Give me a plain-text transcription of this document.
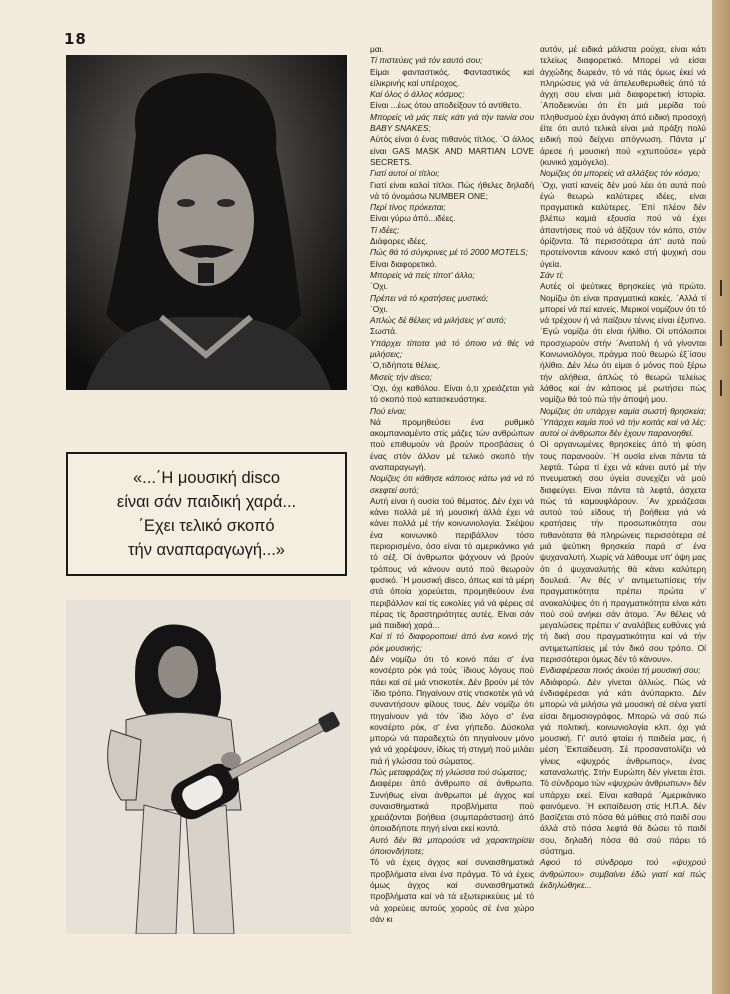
18
«...΄Η μουσική disco
είναι σάν παιδική χαρά...
΄Εχει τελικό σκοπό
τήν αναπαραγωγή...»

μαι.

Τί πιστεύεις γιά τόν εαυτό σου;

Είμαι φανταστικός. Φανταστικός καί είλικρινής καί υπέροχος.

Καί όλος ό άλλος κόσμος;

Είναι ...έως ότου αποδείξουν τό αντίθετο.

Μπορείς νά μάς πείς κάτι γιά τήν ταινία σου BABY SNAKES;

Αύτός είναι ό ένας πιθανός τίτλος. ΄Ο άλλος είναι GAS MASK AND MARTIAN LOVE SECRETS.

Γιατί αυτοί οί τίτλοι;

Γιατί είναι καλοί τίτλοι. Πώς ήθελες δηλαδή νά τό όνομάσω NUMBER ONE;

Περί τίνος πρόκειται;

Είναι γύρω άπό...ιδέες.

Τί ιδέες;

Διάφορες ιδέες.

Πώς θά τό σύγκρινες μέ τό 2000 MOTELS;

Είναι διαφορετικό.

Μπορείς νά πείς τίποτ' άλλο;

΄Οχι.

Πρέπει νά τό κρατήσεις μυστικό;

΄Οχι.

Απλώς δέ θέλεις νά μιλήσεις γι' αυτό;

Σωστά.

Υπάρχει τίποτα γιά τό όποιο νά θές νά μιλήσεις;

΄Ο,τιδήποτε θέλεις.

Μισείς τήν disco;

΄Οχι, όχι καθόλου. Είναι ό,τι χρειάζεται γιά τό σκοπό πού κατασκευάστηκε.

Πού είναι;

Νά προμηθεύσει ένα ρυθμικό ακομπανιαμέντο στίς μάζες τών ανθρώπων πού επιθυμούν νά βρούν προσβάσεις ό ένας στόν άλλον μέ τελικό σκοπό τήν αναπαραγωγή.

Νομίζεις ότι κάθησε κάποιος κάτω γιά νά τό σκεφτεί αυτό;

Αυτή είναι ή ουσία τού θέματος. Δέν έχει νά κάνει πολλά μέ τή μουσική άλλά έχει νά κάνει πολλά μέ τήν κοινωνιολογία. Σκέψου ένα κοινωνικό περιβάλλον τόσο περιορισμένο, όσο είναι τό αμερικάνικο γιά τό σέξ. Οί άνθρωποι ψάχνουν νά βρούν τρόπους νά κάνουν αυτό πού θεωρούν φυσικό. ΄Η μουσική disco, όπως καί τά μέρη στά όποία χορεύεται, προμηθεύουν ένα περιβάλλον καί τίς ευκολίες γιά νά φέρεις σέ πέρας τίς δραστηριότητες αυτές. Είναι σάν μιά παιδική χαρά...

Καί τί τό διαφοροποιεί άπό ένα κοινό τής ρόκ μουσικής;

Δέν νομίζω ότι τό κοινό πάει σ' ένα κονσέρτο ρόκ γιά τούς ΄ίδιους λόγους πού πάει καί σέ μιά ντισκοτέκ. Δέν βρούν μέ τόν ΄ίδιο τρόπο. Πηγαίνουν στίς ντισκοτέκ γιά νά συναντήσουν φίλους τους. Δέν νομίζω ότι πηγαίνουν γιά τόν ΄ίδιο λόγο σ' ένα κονσέρτο ρόκ, σ' ένα γήπεδο. Δύσκολα μπορώ νά παραδεχτώ ότι πηγαίνουν μόνο γιά νά χορέψουν, ίδίως τή στιγμή πού μιλάει πιά ή γλώσσα τού σώματος.

Πώς μεταφράζεις τή γλώσσα τού σώματος;

Διαφέρει άπό άνθρωπο σέ άνθρωπο. Συνήθως είναι άνθρωποι μέ άγχος καί συναισθηματικά προβλήματα πού χρειάζονται βοήθεια (συμπαράσταση) άπό όποιαδήποτε πηγή είναι εκεί κοντά.

Αυτό δέν θά μπορούσε νά χαρακτηρίσει όποιονδήποτε;

Τό νά έχεις άγχος καί συναισθηματικά προβλήματα είναι ένα πράγμα. Τό νά έχεις όμως άγχος καί συναισθηματικά προβλήματα καί νά τά εξωτερικεύεις μέ τό νά χορεύεις αυτούς χορούς σέ ένα χώρο σάν κι

αυτόν, μέ ειδικά μάλιστα ρούχα, είναι κάτι τελείως διαφορετικό. Μπορεί νά είσαι άγχώδης δωρεάν, τό νά πάς όμως έκεί νά πληρώσεις γιά νά άπελευθερωθείς άπό τά άγχη σου είναι μιά διαφορετική ίστορία. ΄Αποδεικνύει ότι έτι μιά μερίδα τού πληθυσμού έχει άνάγκη άπό ειδική προσοχή έίτε ότι αυτό τελικά είναι μιά πράξη πολύ ειδική πού δείχνει απόγνωση. Πάντα μ' άρεσε ή μουσική πού «χτυπούσε» γερά (κυνικό χαμόγελο).

Νομίζεις ότι μπορείς νά αλλάξεις τόν κόσμο;

΄Οχι, γιατί κανείς δέν μού λέει ότι αυτά πού έγώ θεωρώ καλύτερες ιδέες, είναι πραγματικά καλύτερες. ΄Επί πλέον δέν βλέπω καμιά εξουσία πού νά έχει άπαντήσεις πού νά άξίζουν τόν κόπο, στόν όρίζοντα. Τά περισσότερα άπ' αυτά πού προτείνονται κάνουν κακό στή ψυχική σου ύγεία.

Σάν τί;

Αυτές οί ψεύτικες θρησκείες γιά πρώτο. Νομίζω ότι είναι πραγματικά κακές. ΄Αλλά τί μπορεί νά πεί κανείς. Μερικοί νομίζουν ότι τό νά τρέχουν ή νά παίζουν τέννις είναι έξυπνο. ΄Εγώ νομίζω ότι είναι ήλίθιο. Οί υπόλοιποι προσχωρούν στήν ΄Ανατολή ή νά γίνονται Κοινωνιολόγοι, πράγμα πού θεωρώ έξ΄ίσου ήλίθιο. Δέν λέω ότι είμαι ό μόνος πού ξέρω τήν αλήθεια, άπλώς τό θεωρώ τελείως λάθος καί άν κάποιος μέ ρωτήσει πώς νομίζω θά τού πώ τήν άποψή μου.

Νομίζεις ότι υπάρχει καμία σωστή θρησκεία; ΄Υπάρχει καμία πού νά τήν κοιτάς καί νά λές: αυτοί οί άνθρωποι δέν έχουν παρανοηθεί.

Οί οργανωμένες θρησκείες άπό τή φύση τους παρανοούν. ΄Η ουσία είναι πάντα τά λεφτά. Τώρα τί έχει νά κάνει αυτό μέ τήν πνευματική σου ύγεία συνεχίζει νά μού διαφεύγει. Είναι πάντα τά λεφτά, άσχετα πώς τά καμουφλάρουν. ΄Αν χρειάζεσαι αυτού τού είδους τή βοήθεια γιά νά κρατήσεις τήν προσωπικότητα σου πιθανότατα θά πληρώνεις περισσότερα σέ μιά ψεύτικη θρησκεία παρά σ' ένα ψυχαναλυτή. Χωρίς νά λάθουμε υπ' όψη μας ότι ό ψυχαναλυτής θά κάνει καλύτερη δουλειά. ΄Αν θές ν' αντιμετωπίσεις τήν πραγματικότητα πρέπει πρώτα ν' ανακαλύψεις ότι ή πραγματικότητα είναι κάτι πού σού ανήκει σάν άτομο. ΄Αν θέλεις νά μεγαλώσεις πρέπει ν' αναλάβεις ευθύνες γιά τή δική σου πραγματικότητα καί νά τήν αντιμετωπίσεις μέ τόν δικό σου τρόπο. Οί περισσότεροι όμως δέν τό κάνουν».

Ενδιαφέρεσαι ποιός άκούει τή μουσική σου;

Αδιάφορώ. Δέν γίνεται άλλιώς. Πώς νά ένδιαφέρεσαι γιά κάτι άνύπαρκτο. Δέν μπορώ νά μιλήσω γιά μουσική σέ σένα γιατί είσαι δημοσιογράφος. Μπορώ νά σού πώ γιά πολιτική, κοινωνιολογία κλπ. όχι γιά μουσική. Γι' αυτό φταίει ή παιδεία μας, ή μέση ΄Εκπαίδευση. Σέ προσανατολίζει νά γίνεις «ψυχρός άνθρωπος», ένας καταναλωτής. Στήν Ευρώπη δέν γίνεται έτσι. Τό σύνδρομο τών «ψυχρών άνθρωπων» δέν υπάρχει εκεί. Είναι καθαρά ΄Αμερικάνικο φαινόμενο. ΄Η εκπαίδευση στίς Η.Π.Α. δέν βασίζεται στό πόσα θά μάθεις στό παιδί σου άλλά στό πόσα λεφτά θά δώσει τό παιδί σου, δηλαδή πόσα θά σού πάρει τό σύστημα.

Αφού τό σύνδρομο τού «ψυχρού άνθρώπου» συμβαίνει έδώ γιατί καί πώς έκδηλώθηκε...
